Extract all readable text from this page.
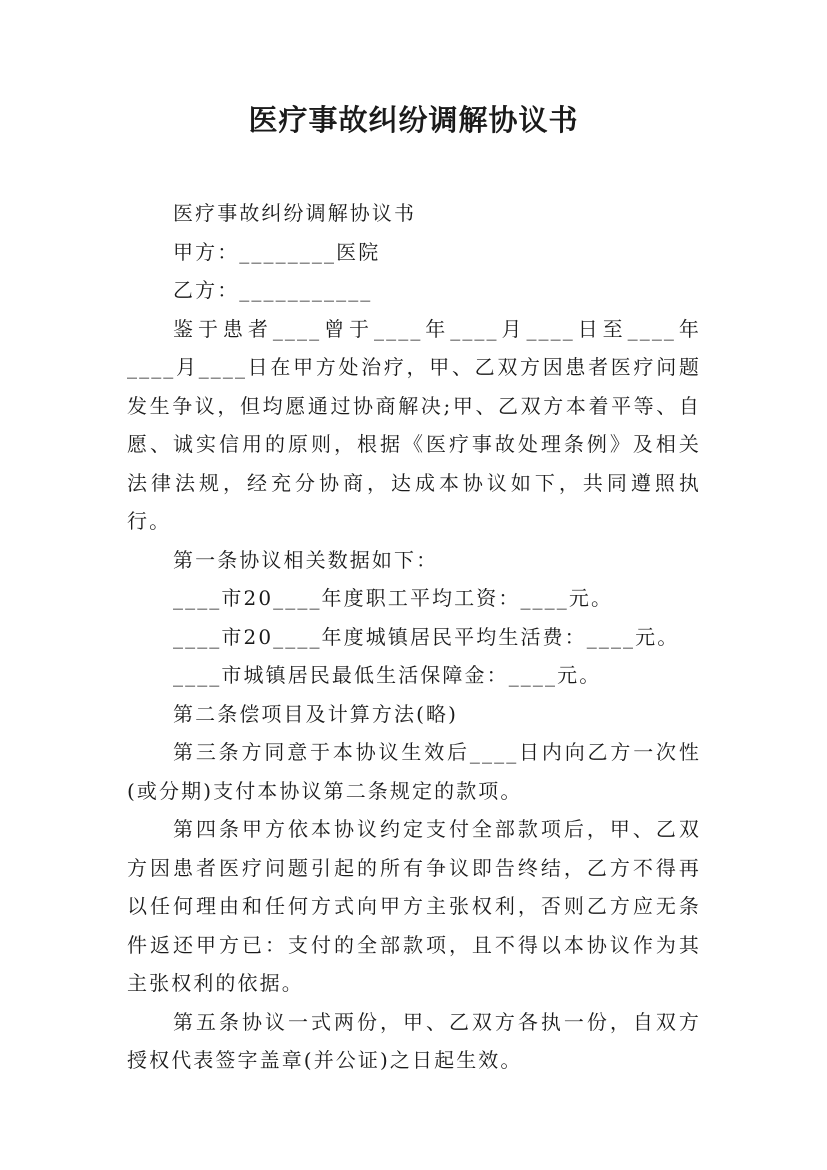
医疗事故纠纷调解协议书

医疗事故纠纷调解协议书

甲方：________医院

乙方：___________

鉴于患者____曾于____年____月____日至____年____月____日在甲方处治疗，甲、乙双方因患者医疗问题发生争议，但均愿通过协商解决;甲、乙双方本着平等、自愿、诚实信用的原则，根据《医疗事故处理条例》及相关法律法规，经充分协商，达成本协议如下，共同遵照执行。

第一条协议相关数据如下：

____市20____年度职工平均工资：____元。

____市20____年度城镇居民平均生活费：____元。

____市城镇居民最低生活保障金：____元。

第二条偿项目及计算方法(略)

第三条方同意于本协议生效后____日内向乙方一次性(或分期)支付本协议第二条规定的款项。

第四条甲方依本协议约定支付全部款项后，甲、乙双方因患者医疗问题引起的所有争议即告终结，乙方不得再以任何理由和任何方式向甲方主张权利，否则乙方应无条件返还甲方已：支付的全部款项，且不得以本协议作为其主张权利的依据。

第五条协议一式两份，甲、乙双方各执一份，自双方授权代表签字盖章(并公证)之日起生效。
